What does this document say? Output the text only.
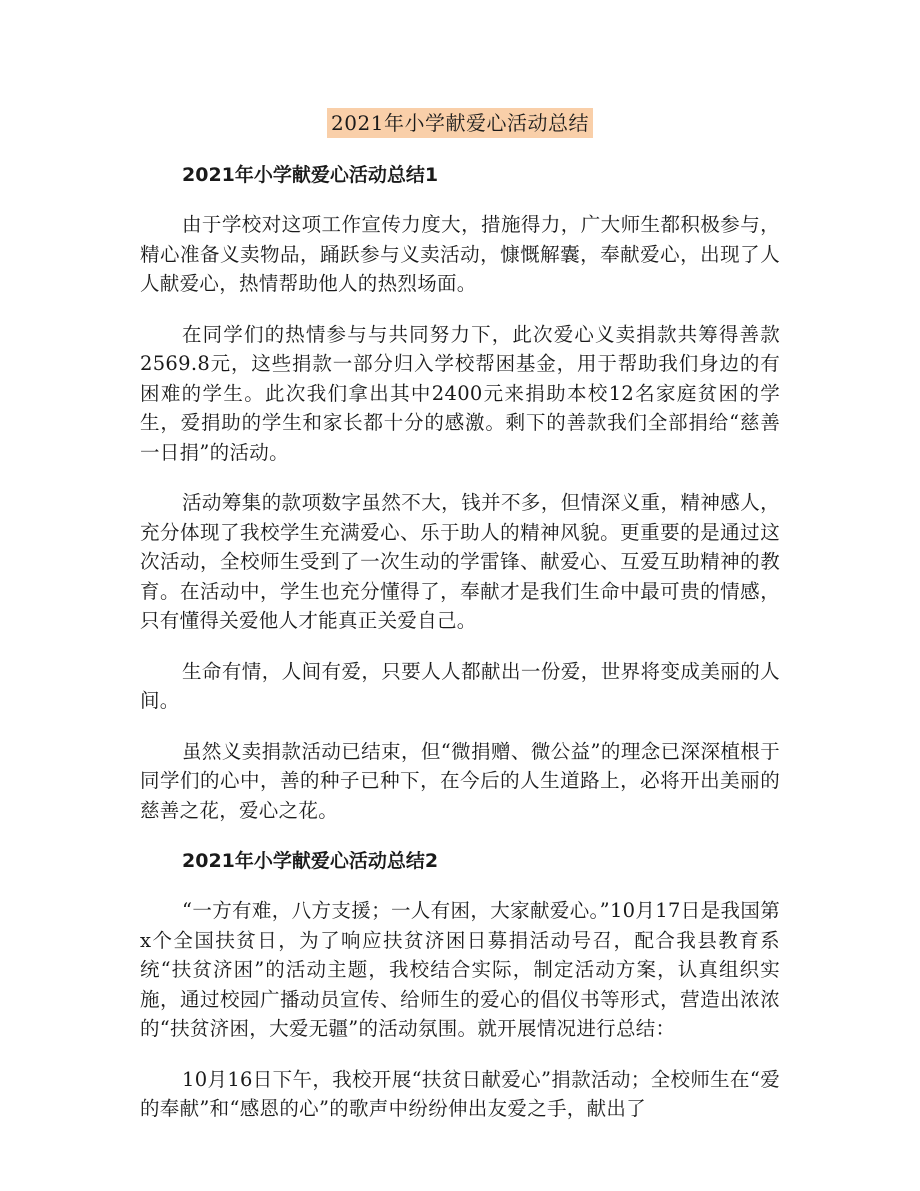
2021年小学献爱心活动总结
2021年小学献爱心活动总结1

由于学校对这项工作宣传力度大，措施得力，广大师生都积极参与，精心准备义卖物品，踊跃参与义卖活动，慷慨解囊，奉献爱心，出现了人人献爱心，热情帮助他人的热烈场面。

在同学们的热情参与与共同努力下，此次爱心义卖捐款共筹得善款2569.8元，这些捐款一部分归入学校帮困基金，用于帮助我们身边的有困难的学生。此次我们拿出其中2400元来捐助本校12名家庭贫困的学生，爱捐助的学生和家长都十分的感激。剩下的善款我们全部捐给“慈善一日捐”的活动。

活动筹集的款项数字虽然不大，钱并不多，但情深义重，精神感人，充分体现了我校学生充满爱心、乐于助人的精神风貌。更重要的是通过这次活动，全校师生受到了一次生动的学雷锋、献爱心、互爱互助精神的教育。在活动中，学生也充分懂得了，奉献才是我们生命中最可贵的情感，只有懂得关爱他人才能真正关爱自己。

生命有情，人间有爱，只要人人都献出一份爱，世界将变成美丽的人间。

虽然义卖捐款活动已结束，但“微捐赠、微公益”的理念已深深植根于同学们的心中，善的种子已种下，在今后的人生道路上，必将开出美丽的慈善之花，爱心之花。

2021年小学献爱心活动总结2

“一方有难，八方支援；一人有困，大家献爱心。”10月17日是我国第x个全国扶贫日，为了响应扶贫济困日募捐活动号召，配合我县教育系统“扶贫济困”的活动主题，我校结合实际，制定活动方案，认真组织实施，通过校园广播动员宣传、给师生的爱心的倡仪书等形式，营造出浓浓的“扶贫济困，大爱无疆”的活动氛围。就开展情况进行总结：

10月16日下午，我校开展“扶贫日献爱心”捐款活动；全校师生在“爱的奉献”和“感恩的心”的歌声中纷纷伸出友爱之手，献出了
